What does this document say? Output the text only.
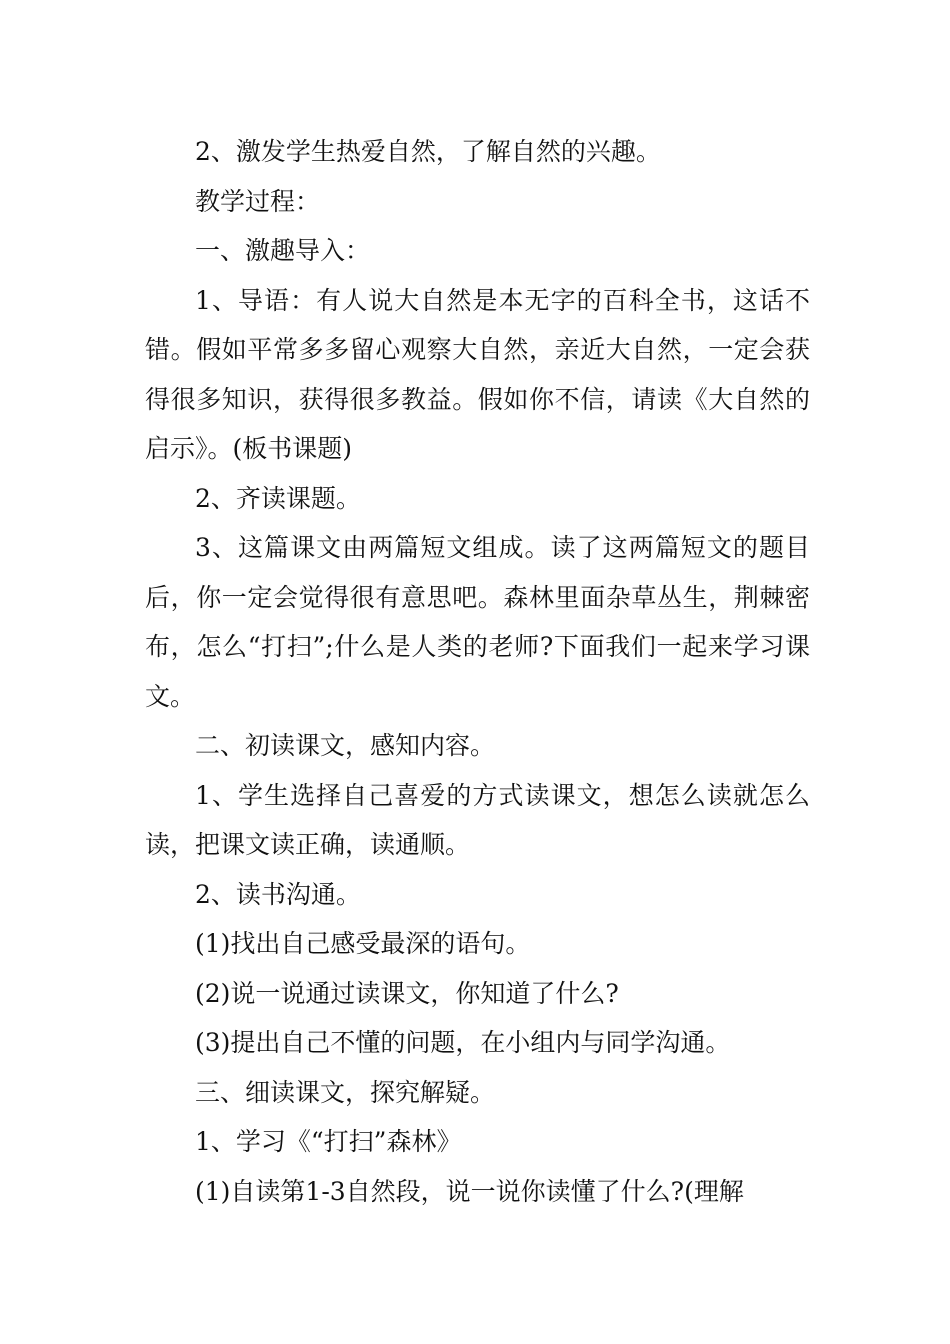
2、激发学生热爱自然，了解自然的兴趣。

教学过程：

一、激趣导入：

1、导语：有人说大自然是本无字的百科全书，这话不错。假如平常多多留心观察大自然，亲近大自然，一定会获得很多知识，获得很多教益。假如你不信，请读《大自然的启示》。(板书课题)

2、齐读课题。

3、这篇课文由两篇短文组成。读了这两篇短文的题目后，你一定会觉得很有意思吧。森林里面杂草丛生，荆棘密布，怎么“打扫”;什么是人类的老师?下面我们一起来学习课文。

二、初读课文，感知内容。

1、学生选择自己喜爱的方式读课文，想怎么读就怎么读，把课文读正确，读通顺。

2、读书沟通。

(1)找出自己感受最深的语句。

(2)说一说通过读课文，你知道了什么?

(3)提出自己不懂的问题，在小组内与同学沟通。

三、细读课文，探究解疑。

1、学习《“打扫”森林》

(1)自读第1-3自然段，说一说你读懂了什么?(理解
